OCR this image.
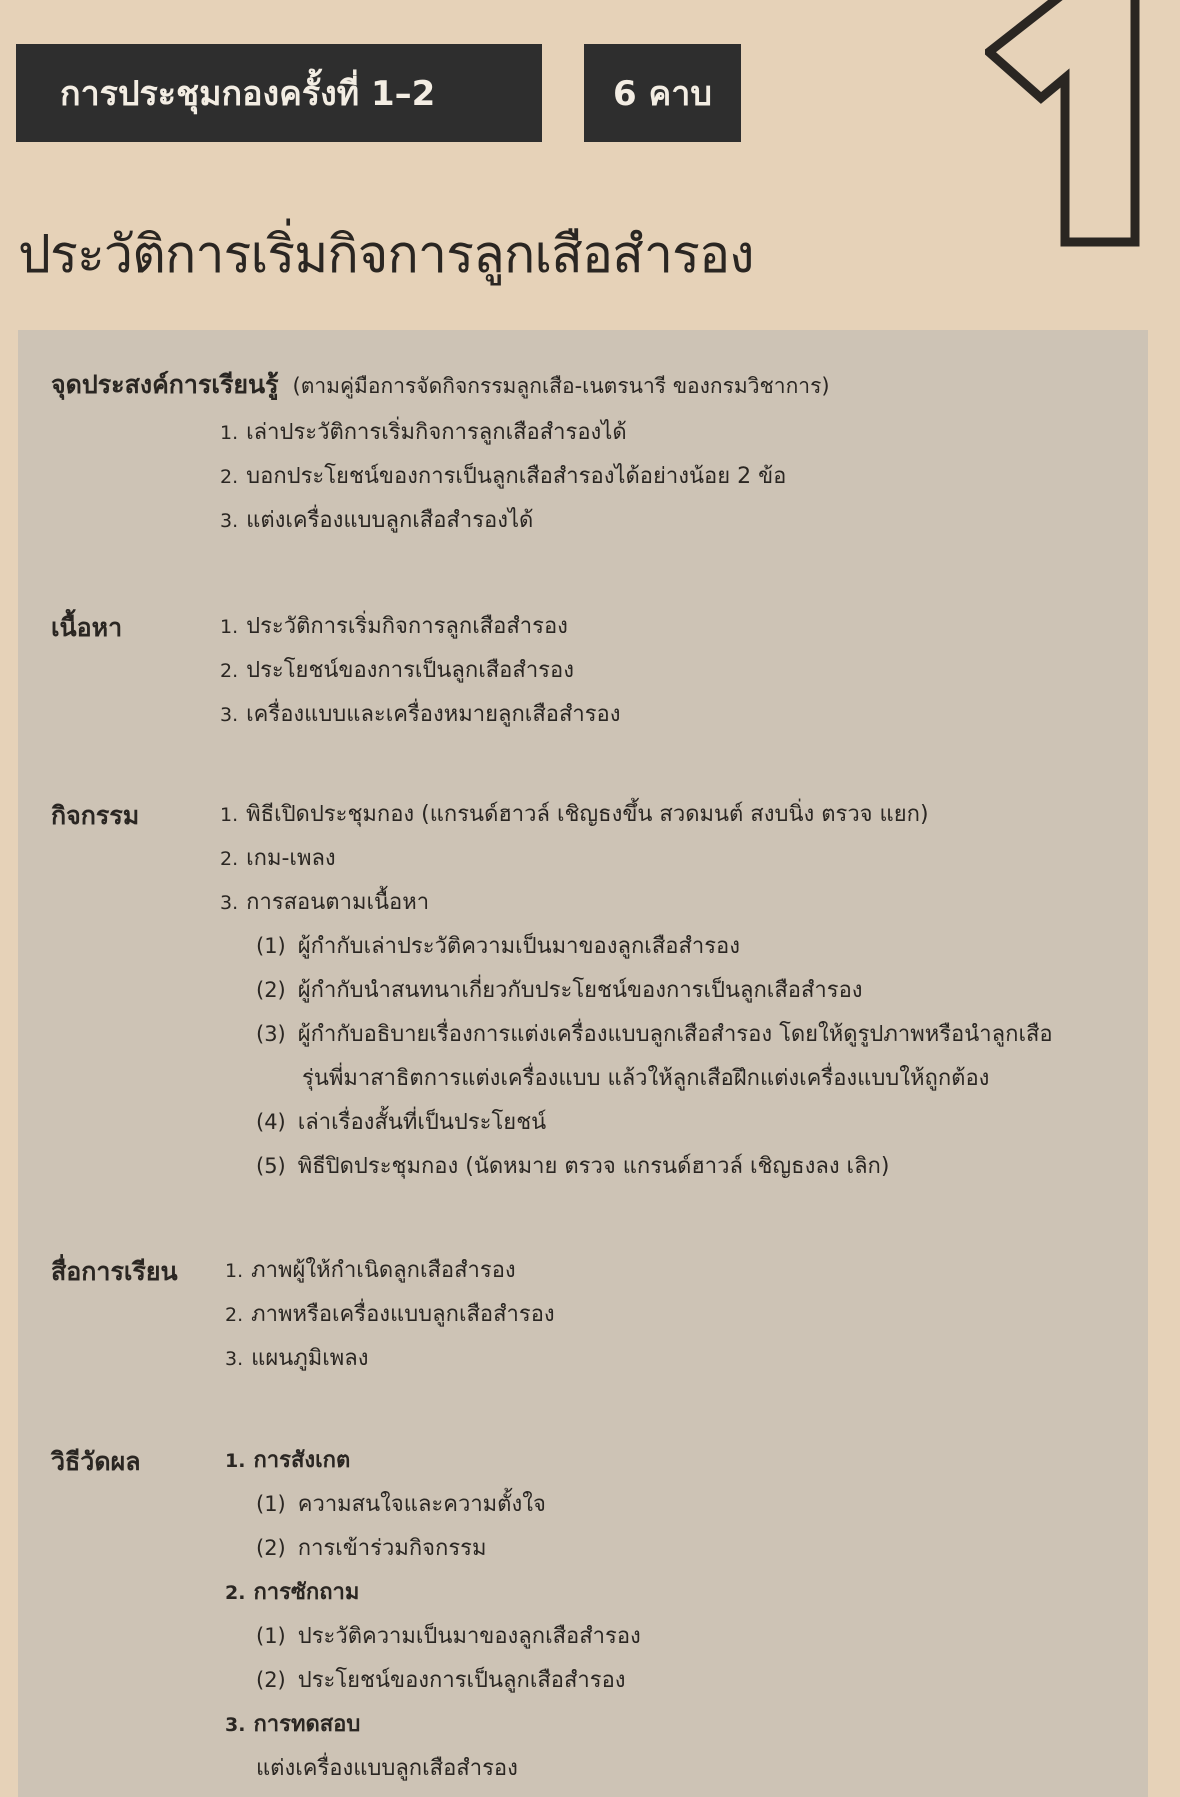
การประชุมกองครั้งที่ 1–2	6 คาบ
ประวัติการเริ่มกิจการลูกเสือสำรอง
จุดประสงค์การเรียนรู้ (ตามคู่มือการจัดกิจกรรมลูกเสือ-เนตรนารี ของกรมวิชาการ)
1. เล่าประวัติการเริ่มกิจการลูกเสือสำรองได้
2. บอกประโยชน์ของการเป็นลูกเสือสำรองได้อย่างน้อย 2 ข้อ
3. แต่งเครื่องแบบลูกเสือสำรองได้
เนื้อหา	1. ประวัติการเริ่มกิจการลูกเสือสำรอง
2. ประโยชน์ของการเป็นลูกเสือสำรอง
3. เครื่องแบบและเครื่องหมายลูกเสือสำรอง
กิจกรรม	1. พิธีเปิดประชุมกอง (แกรนด์ฮาวล์ เชิญธงขึ้น สวดมนต์ สงบนิ่ง ตรวจ แยก)
2. เกม-เพลง
3. การสอนตามเนื้อหา
(1) ผู้กำกับเล่าประวัติความเป็นมาของลูกเสือสำรอง
(2) ผู้กำกับนำสนทนาเกี่ยวกับประโยชน์ของการเป็นลูกเสือสำรอง
(3) ผู้กำกับอธิบายเรื่องการแต่งเครื่องแบบลูกเสือสำรอง โดยให้ดูรูปภาพหรือนำลูกเสือ
รุ่นพี่มาสาธิตการแต่งเครื่องแบบ แล้วให้ลูกเสือฝึกแต่งเครื่องแบบให้ถูกต้อง
(4) เล่าเรื่องสั้นที่เป็นประโยชน์
(5) พิธีปิดประชุมกอง (นัดหมาย ตรวจ แกรนด์ฮาวล์ เชิญธงลง เลิก)
สื่อการเรียน 1. ภาพผู้ให้กำเนิดลูกเสือสำรอง
2. ภาพหรือเครื่องแบบลูกเสือสำรอง
3. แผนภูมิเพลง
วิธีวัดผล	1. การสังเกต
(1) ความสนใจและความตั้งใจ
(2) การเข้าร่วมกิจกรรม
2. การซักถาม
(1) ประวัติความเป็นมาของลูกเสือสำรอง
(2) ประโยชน์ของการเป็นลูกเสือสำรอง
3. การทดสอบ
แต่งเครื่องแบบลูกเสือสำรอง
